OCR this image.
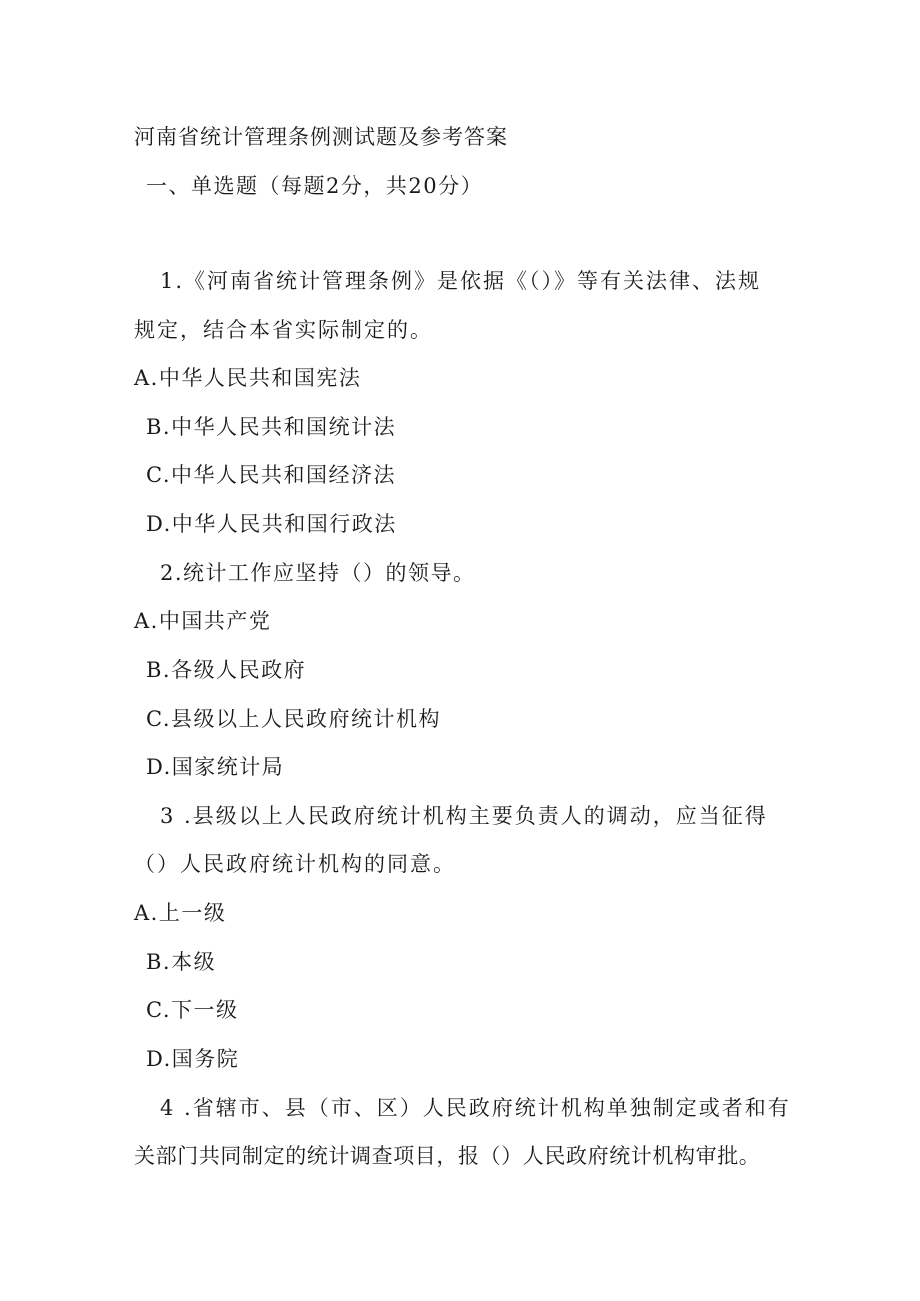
河南省统计管理条例测试题及参考答案
一、单选题（每题2分，共20分）
1.《河南省统计管理条例》是依据《（）》等有关法律、法规
规定，结合本省实际制定的。
A.中华人民共和国宪法
B.中华人民共和国统计法
C.中华人民共和国经济法
D.中华人民共和国行政法
2.统计工作应坚持（）的领导。
A.中国共产党
B.各级人民政府
C.县级以上人民政府统计机构
D.国家统计局
3 .县级以上人民政府统计机构主要负责人的调动，应当征得
（）人民政府统计机构的同意。
A.上一级
B.本级
C.下一级
D.国务院
4 .省辖市、县（市、区）人民政府统计机构单独制定或者和有
关部门共同制定的统计调查项目，报（）人民政府统计机构审批。
